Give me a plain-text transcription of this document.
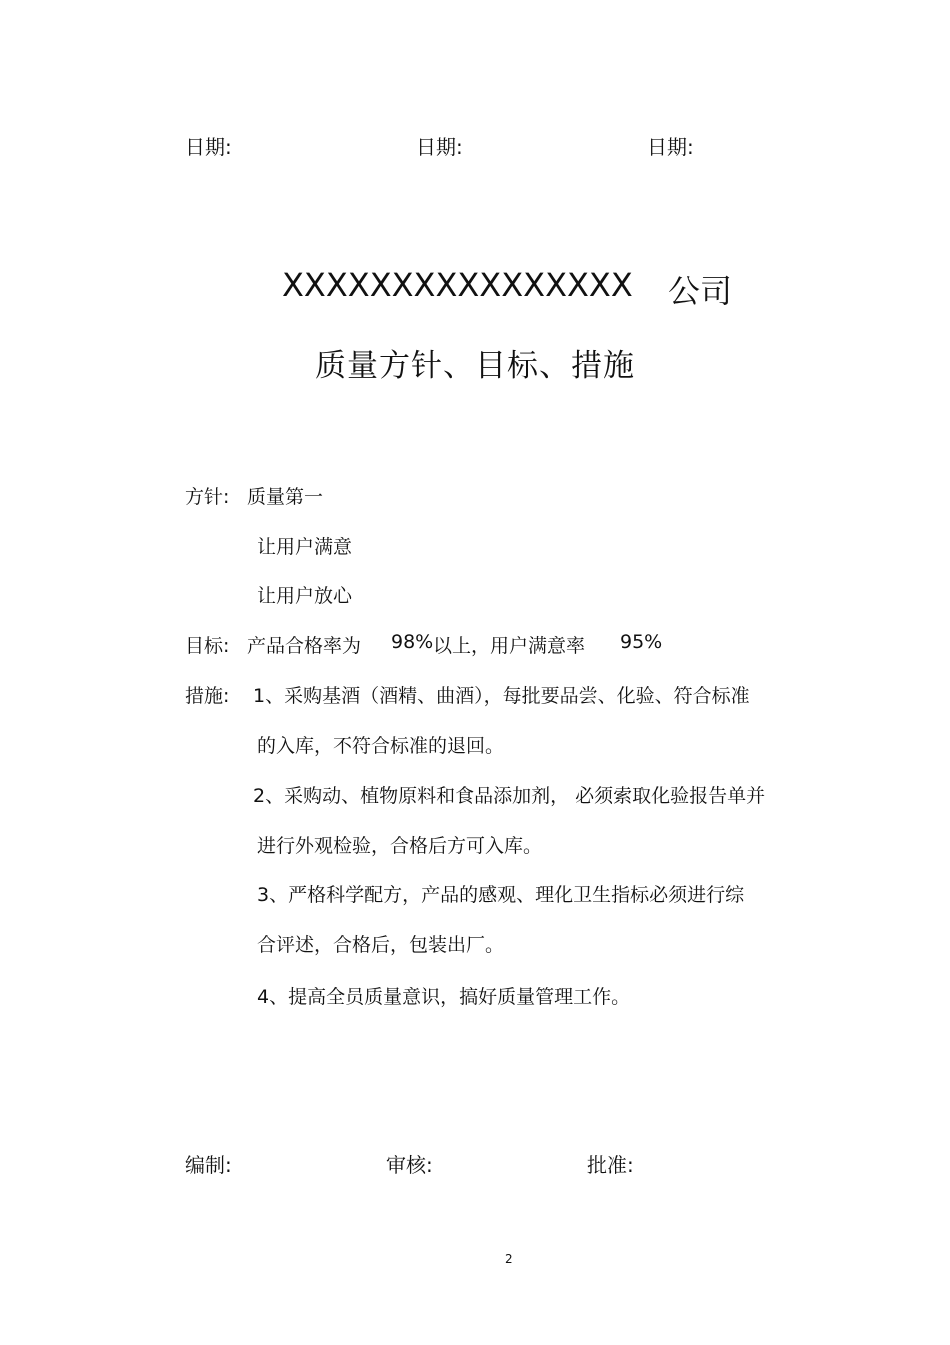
日期:	日期:	日期:
XXXXXXXXXXXXXXXX 公司
质量方针、目标、措施
方针: 质量第一
让用户满意
让用户放心
目标: 产品合格率为 98% 以上，用户满意率 95%
措施: 1、采购基酒（酒精、曲酒），每批要品尝、化验、符合标准
的入库，不符合标准的退回。
2、采购动、植物原料和食品添加剂， 必须索取化验报告单并
进行外观检验，合格后方可入库。
3、严格科学配方，产品的感观、理化卫生指标必须进行综
合评述，合格后，包装出厂。
4、提高全员质量意识，搞好质量管理工作。
编制:	审核:	批准:
2
